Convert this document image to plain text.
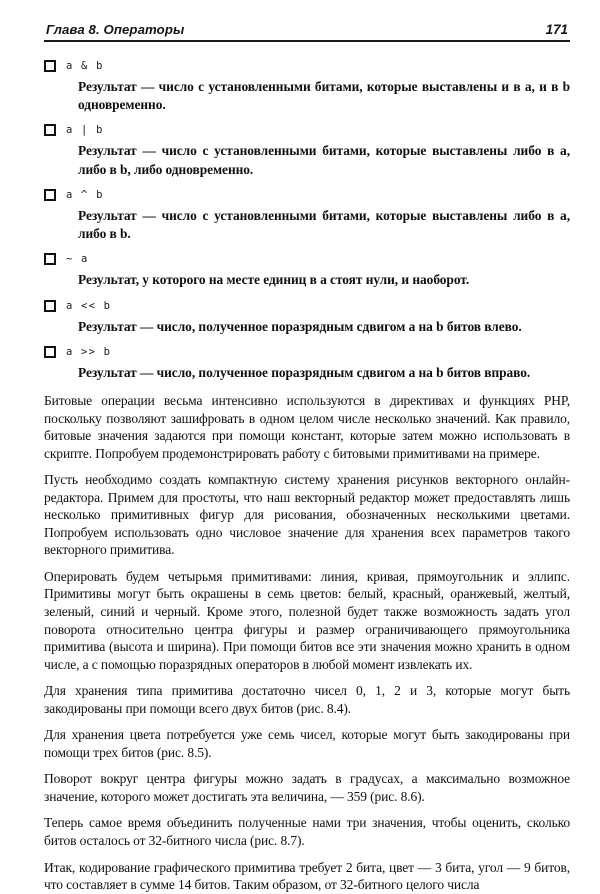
Глава 8. Операторы	171
a & b

Результат — число с установленными битами, которые выставлены и в a, и в b одновременно.

a | b

Результат — число с установленными битами, которые выставлены либо в a, либо в b, либо одновременно.

a ^ b

Результат — число с установленными битами, которые выставлены либо в a, либо в b.

~ a

Результат, у которого на месте единиц в a стоят нули, и наоборот.

a << b

Результат — число, полученное поразрядным сдвигом a на b битов влево.

a >> b

Результат — число, полученное поразрядным сдвигом a на b битов вправо.

Битовые операции весьма интенсивно используются в директивах и функциях PHP, поскольку позволяют зашифровать в одном целом числе несколько значений. Как правило, битовые значения задаются при помощи констант, которые затем можно использовать в скрипте. Попробуем продемонстрировать работу с битовыми примитивами на примере.

Пусть необходимо создать компактную систему хранения рисунков векторного онлайн-редактора. Примем для простоты, что наш векторный редактор может предоставлять лишь несколько примитивных фигур для рисования, обозначенных несколькими цветами. Попробуем использовать одно числовое значение для хранения всех параметров такого векторного примитива.

Оперировать будем четырьмя примитивами: линия, кривая, прямоугольник и эллипс. Примитивы могут быть окрашены в семь цветов: белый, красный, оранжевый, желтый, зеленый, синий и черный. Кроме этого, полезной будет также возможность задать угол поворота относительно центра фигуры и размер ограничивающего прямоугольника примитива (высота и ширина). При помощи битов все эти значения можно хранить в одном числе, а с помощью поразрядных операторов в любой момент извлекать их.

Для хранения типа примитива достаточно чисел 0, 1, 2 и 3, которые могут быть закодированы при помощи всего двух битов (рис. 8.4).

Для хранения цвета потребуется уже семь чисел, которые могут быть закодированы при помощи трех битов (рис. 8.5).

Поворот вокруг центра фигуры можно задать в градусах, а максимально возможное значение, которого может достигать эта величина, — 359 (рис. 8.6).

Теперь самое время объединить полученные нами три значения, чтобы оценить, сколько битов осталось от 32-битного числа (рис. 8.7).

Итак, кодирование графического примитива требует 2 бита, цвет — 3 бита, угол — 9 битов, что составляет в сумме 14 битов. Таким образом, от 32-битного целого числа
